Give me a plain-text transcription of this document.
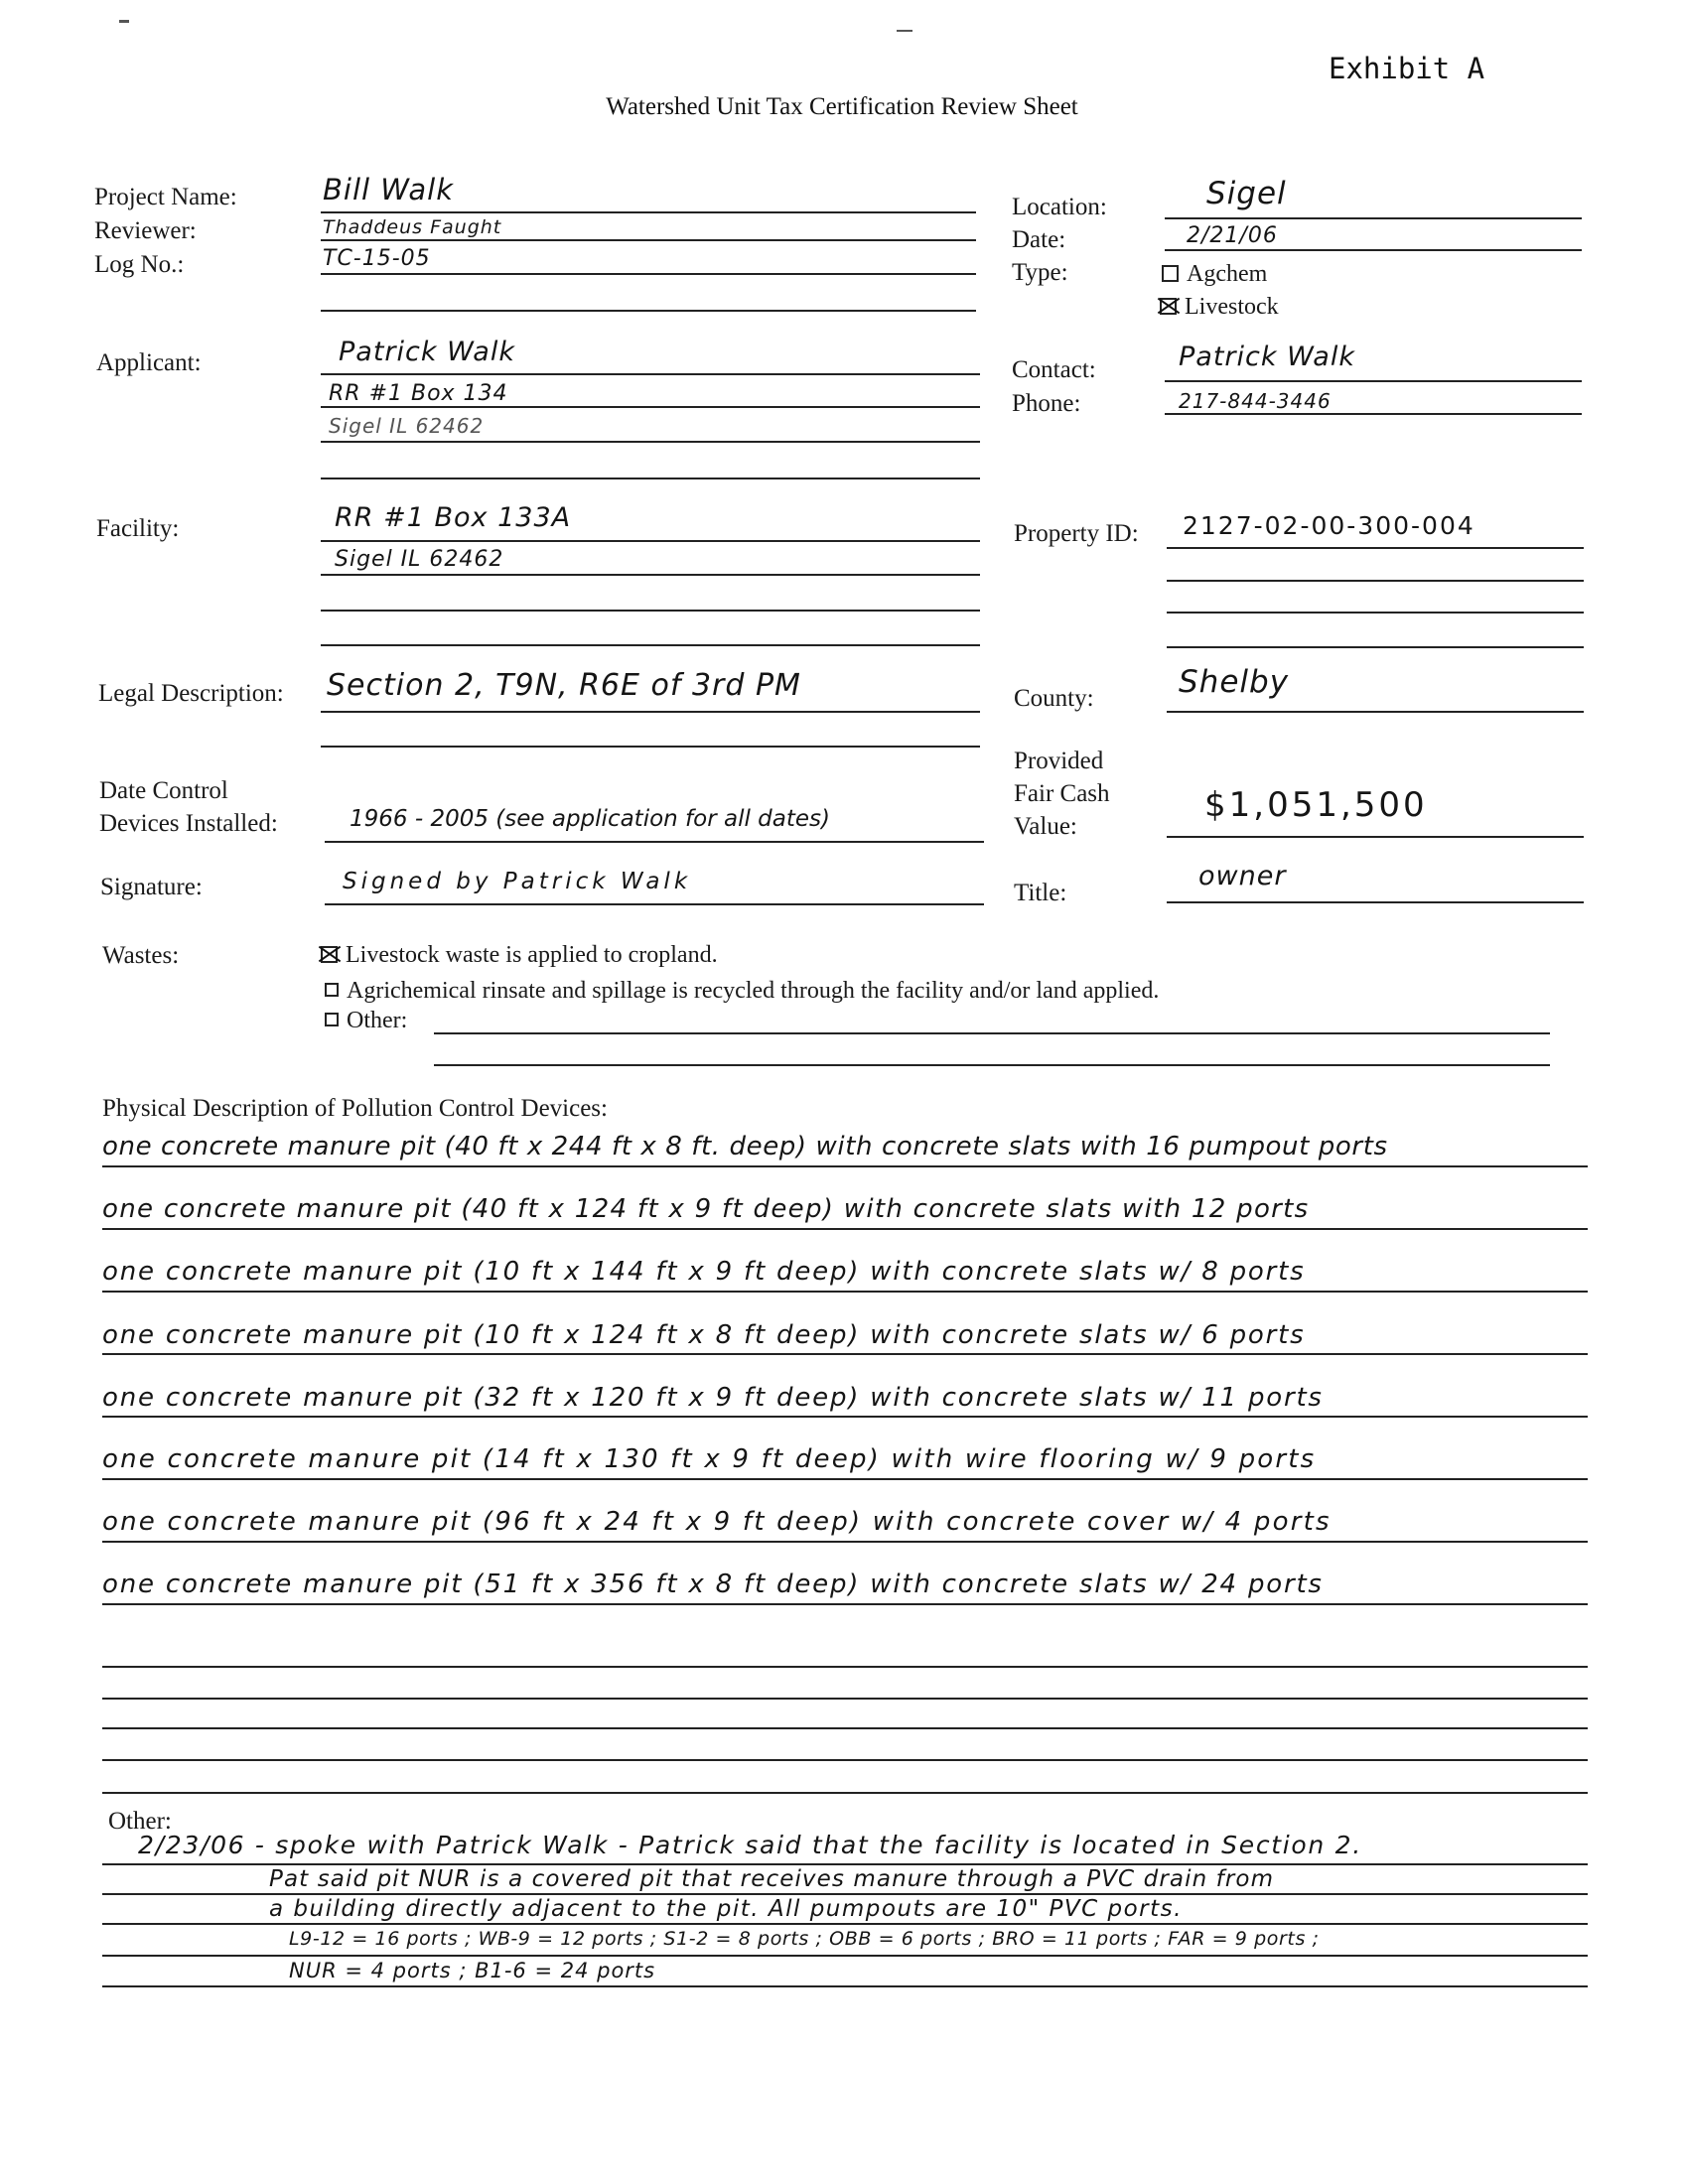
Exhibit A
Watershed Unit Tax Certification Review Sheet
Project Name:
Reviewer:
Log No.:
Applicant:
Facility:
Legal Description:
Date Control
Devices Installed:
Signature:
Wastes:
Bill Walk
Thaddeus Faught
TC-15-05
Patrick Walk
RR #1 Box 134
Sigel IL 62462
RR #1 Box 133A
Sigel IL 62462
Section 2, T9N, R6E of 3rd PM
1966 - 2005 (see application for all dates)
Signed by Patrick Walk
Location:
Date:
Type:
Sigel
2/21/06
Agchem
Livestock
Contact:
Phone:
Patrick Walk
217-844-3446
Property ID: 2127-02-00-300-004
County:	Shelby
Provided
Fair Cash
Value:
$1,051,500
Title:
owner
Livestock waste is applied to cropland.
Agrichemical rinsate and spillage is recycled through the facility and/or land applied.
Other:
Physical Description of Pollution Control Devices:
one concrete manure pit (40 ft x 244 ft x 8 ft. deep) with concrete slats with 16 pumpout ports
one concrete manure pit (40 ft x 124 ft x 9 ft deep) with concrete slats with 12 ports
one concrete manure pit (10 ft x 144 ft x 9 ft deep) with concrete slats w/ 8 ports
one concrete manure pit (10 ft x 124 ft x 8 ft deep) with concrete slats w/ 6 ports
one concrete manure pit (32 ft x 120 ft x 9 ft deep) with concrete slats w/ 11 ports
one concrete manure pit (14 ft x 130 ft x 9 ft deep) with wire flooring w/ 9 ports
one concrete manure pit (96 ft x 24 ft x 9 ft deep) with concrete cover w/ 4 ports
one concrete manure pit (51 ft x 356 ft x 8 ft deep) with concrete slats w/ 24 ports
Other:
2/23/06 - spoke with Patrick Walk - Patrick said that the facility is located in Section 2.
Pat said pit NUR is a covered pit that receives manure through a PVC drain from
a building directly adjacent to the pit. All pumpouts are 10" PVC ports.
L9-12 = 16 ports ; WB-9 = 12 ports ; S1-2 = 8 ports ; OBB = 6 ports ; BRO = 11 ports ; FAR = 9 ports ;
NUR = 4 ports ; B1-6 = 24 ports
